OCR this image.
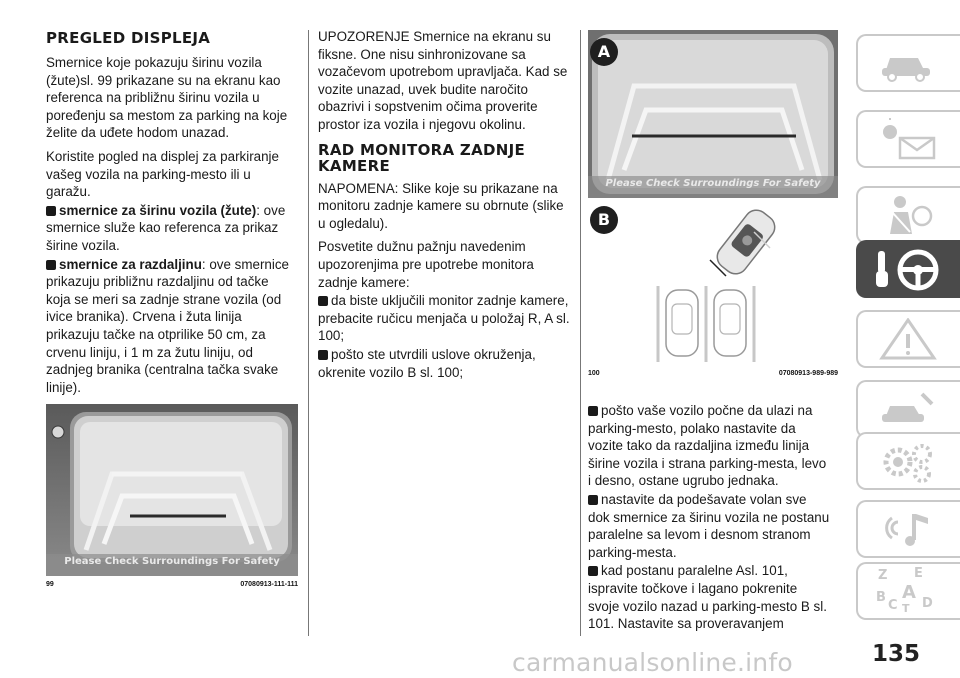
PREGLED DISPLEJA

Smernice koje pokazuju širinu vozila (žute)sl. 99 prikazane su na ekranu kao referenca na približnu širinu vozila u poređenju sa mestom za parking na koje želite da uđete hodom unazad.

Koristite pogled na displej za parkiranje vašeg vozila na parking-mesto ili u garažu.

smernice za širinu vozila (žute): ove smernice služe kao referenca za prikaz širine vozila.

smernice za razdaljinu: ove smernice prikazuju približnu razdaljinu od tačke koja se meri sa zadnje strane vozila (od ivice branika). Crvena i žuta linija prikazuju tačke na otprilike 50 cm, za crvenu liniju, i 1 m za žutu liniju, od zadnjeg branika (centralna tačka svake linije).

Please Check Surroundings For Safety
99	07080913-111-111

UPOZORENJE Smernice na ekranu su fiksne. One nisu sinhronizovane sa vozačevom upotrebom upravljača. Kad se vozite unazad, uvek budite naročito obazrivi i sopstvenim očima proverite prostor iza vozila i njegovu okolinu.

RAD MONITORA ZADNJE KAMERE

NAPOMENA: Slike koje su prikazane na monitoru zadnje kamere su obrnute (slike u ogledalu).

Posvetite dužnu pažnju navedenim upozorenjima pre upotrebe monitora zadnje kamere:

da biste uključili monitor zadnje kamere, prebacite ručicu menjača u položaj R, A sl. 100;

pošto ste utvrdili uslove okruženja, okrenite vozilo B sl. 100;

A
Please Check Surroundings For Safety
B
100	07080913-989-989

pošto vaše vozilo počne da ulazi na parking-mesto, polako nastavite da vozite tako da razdaljina između linija širine vozila i strana parking-mesta, levo i desno, ostane ugrubo jednaka.

nastavite da podešavate volan sve dok smernice za širinu vozila ne postanu paralelne sa levom i desnom stranom parking-mesta.

kad postanu paralelne Asl. 101, ispravite točkove i lagano pokrenite svoje vozilo nazad u parking-mesto B sl. 101. Nastavite sa proveravanjem

Z E
B A
C T D
carmanualsonline.info	135
